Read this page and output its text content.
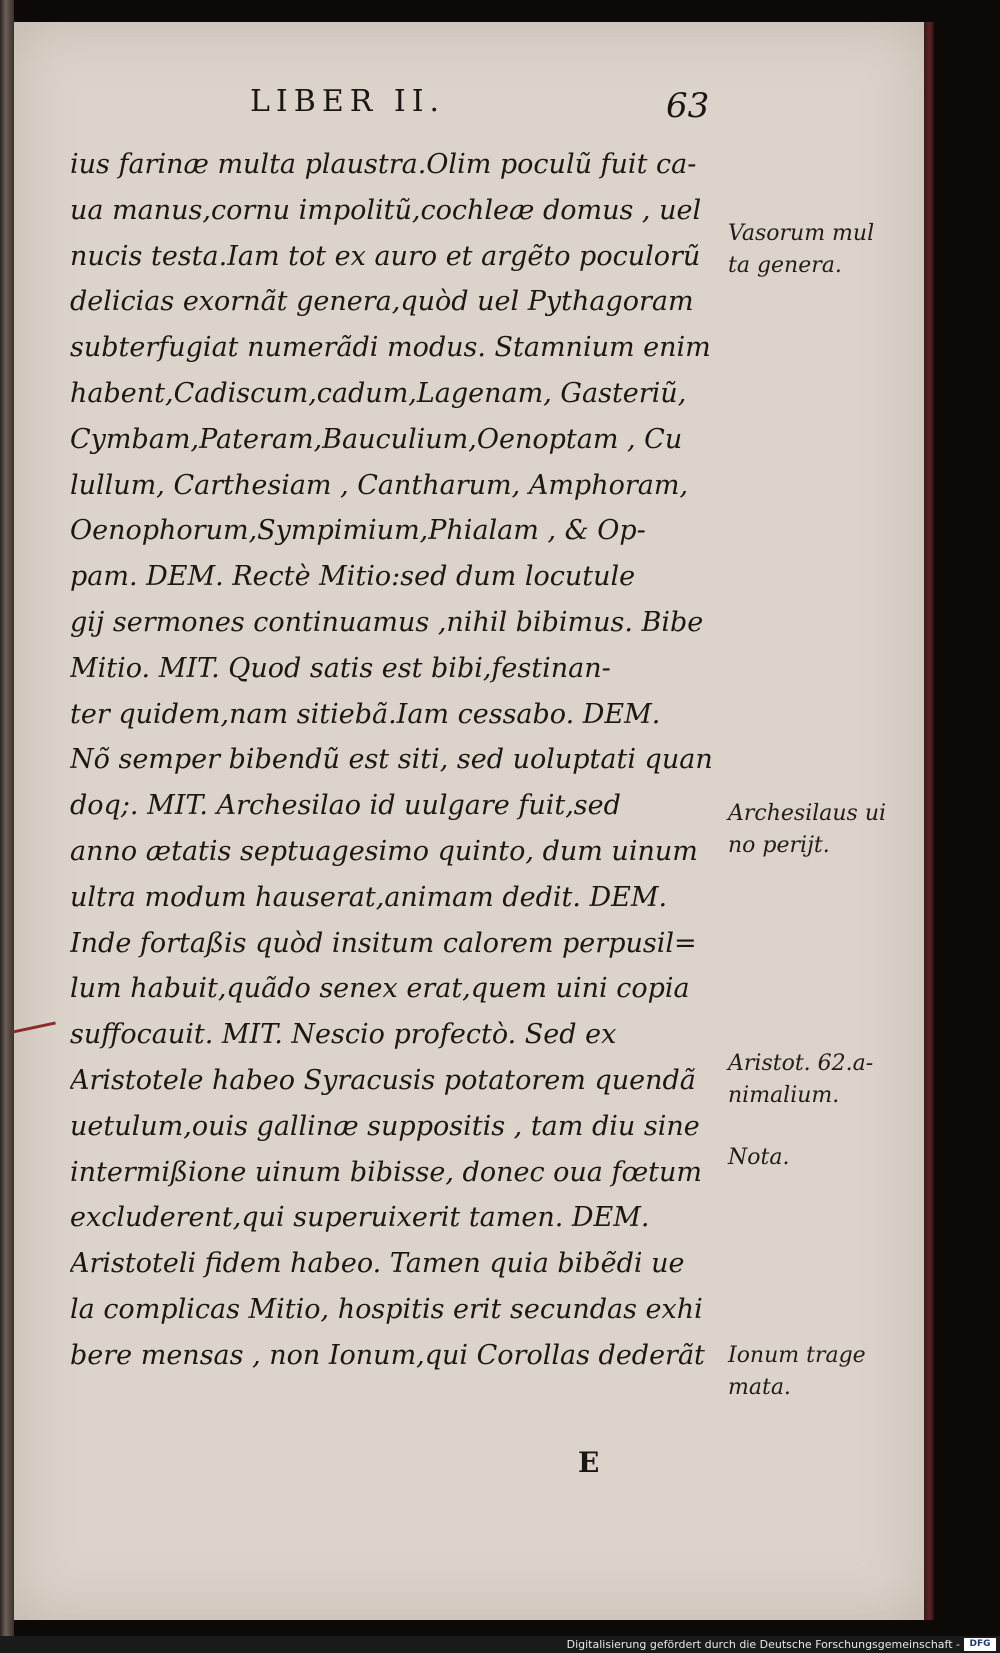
LIBER II.	63
ius farinæ multa plaustra.Olim poculũ fuit ca-
ua manus,cornu impolitũ,cochleæ domus , uel
nucis testa.Iam tot ex auro et argẽto poculorũ
delicias exornãt genera,quòd uel Pythagoram
subterfugiat numerãdi modus. Stamnium enim
habent,Cadiscum,cadum,Lagenam, Gasteriũ,
Cymbam,Pateram,Bauculium,Oenoptam , Cu
lullum, Carthesiam , Cantharum, Amphoram,
Oenophorum,Sympimium,Phialam , & Op-
pam. DEM. Rectè Mitio:sed dum locutule
gij sermones continuamus ,nihil bibimus. Bibe
Mitio. MIT. Quod satis est bibi,festinan-
ter quidem,nam sitiebã.Iam cessabo. DEM.
Nõ semper bibendũ est siti, sed uoluptati quan
doq;. MIT. Archesilao id uulgare fuit,sed
anno ætatis septuagesimo quinto, dum uinum
ultra modum hauserat,animam dedit. DEM.
Inde fortaßis quòd insitum calorem perpusil=
lum habuit,quãdo senex erat,quem uini copia
suffocauit. MIT. Nescio profectò. Sed ex
Aristotele habeo Syracusis potatorem quendã
uetulum,ouis gallinæ suppositis , tam diu sine
intermißione uinum bibisse, donec oua fœtum
excluderent,qui superuixerit tamen. DEM.
Aristoteli fidem habeo. Tamen quia bibẽdi ue
la complicas Mitio, hospitis erit secundas exhi
bere mensas , non Ionum,qui Corollas dederãt
Vasorum mul
ta genera.
Archesilaus ui
no perijt.
Aristot. 62.a-
nimalium.
Nota.
Ionum trage
mata.
E
Digitalisierung gefördert durch die Deutsche Forschungsgemeinschaft -	DFG
